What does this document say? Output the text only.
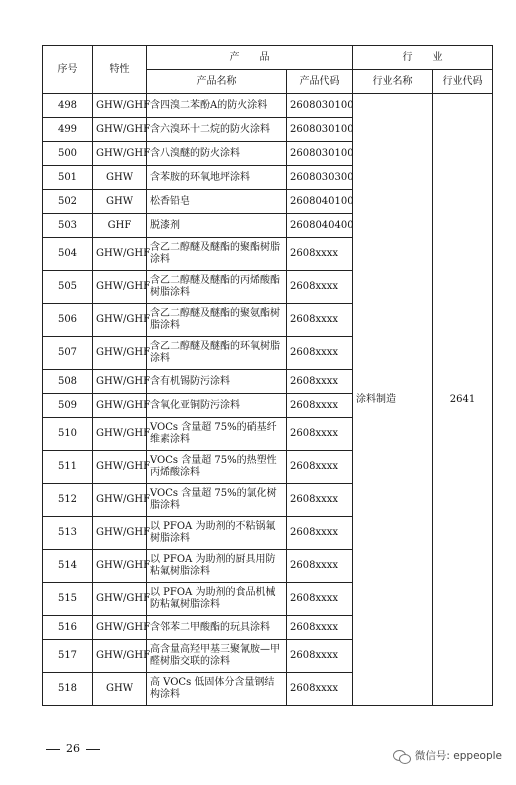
序号	特性	产　　品		行　　业	
		产品名称	产品代码	行业名称	行业代码
498	GHW/GHF	含四溴二苯酚A的防火涂料	2608030100	涂料制造	2641
499	GHW/GHF	含六溴环十二烷的防火涂料	2608030100		
500	GHW/GHF	含八溴醚的防火涂料	2608030100		
501	GHW	含苯胺的环氧地坪涂料	2608030300		
502	GHW	松香铅皂	2608040100		
503	GHF	脱漆剂	2608040400		
504	GHW/GHF	含乙二醇醚及醚酯的聚酯树脂涂料	2608xxxx		
505	GHW/GHF	含乙二醇醚及醚酯的丙烯酸酯树脂涂料	2608xxxx		
506	GHW/GHF	含乙二醇醚及醚酯的聚氨酯树脂涂料	2608xxxx		
507	GHW/GHF	含乙二醇醚及醚酯的环氧树脂涂料	2608xxxx		
508	GHW/GHF	含有机锡防污涂料	2608xxxx		
509	GHW/GHF	含氧化亚铜防污涂料	2608xxxx		
510	GHW/GHF	VOCs 含量超 75%的硝基纤维素涂料	2608xxxx		
511	GHW/GHF	VOCs 含量超 75%的热塑性丙烯酸涂料	2608xxxx		
512	GHW/GHF	VOCs 含量超 75%的氯化树脂涂料	2608xxxx		
513	GHW/GHF	以 PFOA 为助剂的不粘锅氟树脂涂料	2608xxxx		
514	GHW/GHF	以 PFOA 为助剂的厨具用防粘氟树脂涂料	2608xxxx		
515	GHW/GHF	以 PFOA 为助剂的食品机械防粘氟树脂涂料	2608xxxx		
516	GHW/GHF	含邻苯二甲酸酯的玩具涂料	2608xxxx		
517	GHW/GHF	高含量高羟甲基三聚氰胺—甲醛树脂交联的涂料	2608xxxx		
518	GHW	高 VOCs 低固体分含量钢结构涂料	2608xxxx		
26
微信号: eppeople
